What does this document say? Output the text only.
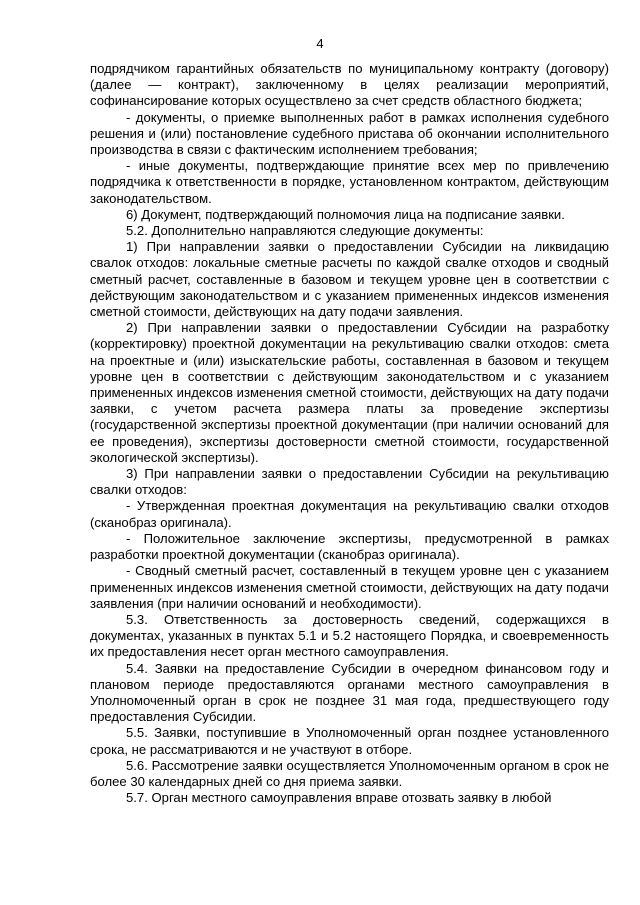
4

подрядчиком гарантийных обязательств по муниципальному контракту (договору) (далее — контракт), заключенному в целях реализации мероприятий, софинансирование которых осуществлено за счет средств областного бюджета;

- документы, о приемке выполненных работ в рамках исполнения судебного решения и (или) постановление судебного пристава об окончании исполнительного производства в связи с фактическим исполнением требования;

- иные документы, подтверждающие принятие всех мер по привлечению подрядчика к ответственности в порядке, установленном контрактом, действующим законодательством.

6) Документ, подтверждающий полномочия лица на подписание заявки.

5.2. Дополнительно направляются следующие документы:

1) При направлении заявки о предоставлении Субсидии на ликвидацию свалок отходов: локальные сметные расчеты по каждой свалке отходов и сводный сметный расчет, составленные в базовом и текущем уровне цен в соответствии с действующим законодательством и с указанием примененных индексов изменения сметной стоимости, действующих на дату подачи заявления.

2) При направлении заявки о предоставлении Субсидии на разработку (корректировку) проектной документации на рекультивацию свалки отходов: смета на проектные и (или) изыскательские работы, составленная в базовом и текущем уровне цен в соответствии с действующим законодательством и с указанием примененных индексов изменения сметной стоимости, действующих на дату подачи заявки, с учетом расчета размера платы за проведение экспертизы (государственной экспертизы проектной документации (при наличии оснований для ее проведения), экспертизы достоверности сметной стоимости, государственной экологической экспертизы).

3) При направлении заявки о предоставлении Субсидии на рекультивацию свалки отходов:

- Утвержденная проектная документация на рекультивацию свалки отходов (сканобраз оригинала).

- Положительное заключение экспертизы, предусмотренной в рамках разработки проектной документации (сканобраз оригинала).

- Сводный сметный расчет, составленный в текущем уровне цен с указанием примененных индексов изменения сметной стоимости, действующих на дату подачи заявления (при наличии оснований и необходимости).

5.3. Ответственность за достоверность сведений, содержащихся в документах, указанных в пунктах 5.1 и 5.2 настоящего Порядка, и своевременность их предоставления несет орган местного самоуправления.

5.4. Заявки на предоставление Субсидии в очередном финансовом году и плановом периоде предоставляются органами местного самоуправления в Уполномоченный орган в срок не позднее 31 мая года, предшествующего году предоставления Субсидии.

5.5. Заявки, поступившие в Уполномоченный орган позднее установленного срока, не рассматриваются и не участвуют в отборе.

5.6. Рассмотрение заявки осуществляется Уполномоченным органом в срок не более 30 календарных дней со дня приема заявки.

5.7. Орган местного самоуправления вправе отозвать заявку в любой
